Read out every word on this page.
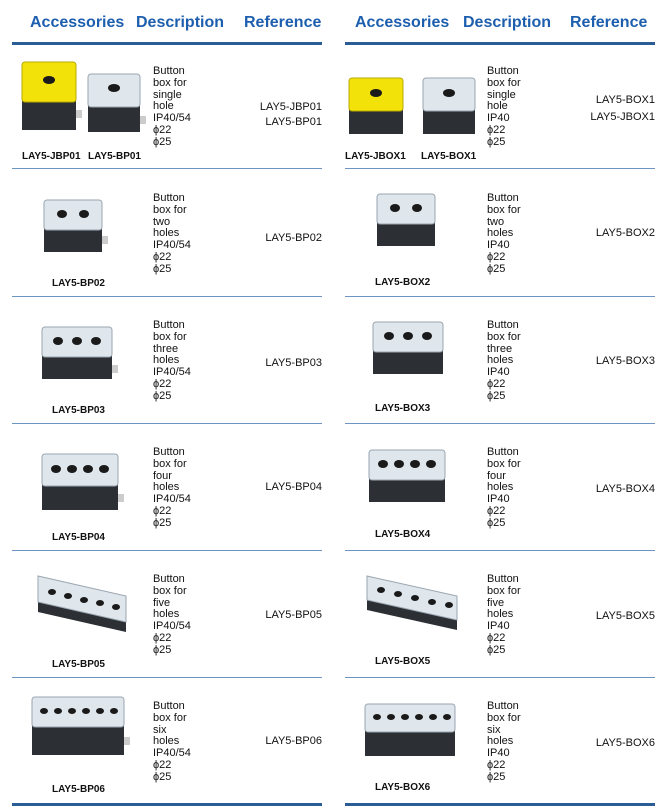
Accessories Description Reference
LAY5-JBP01 LAY5-BP01
Button
box for
single
hole
IP40/54
ϕ22
ϕ25
LAY5-JBP01
LAY5-BP01
LAY5-BP02
Button
box for
two
holes
IP40/54
ϕ22
ϕ25
LAY5-BP02
LAY5-BP03
Button
box for
three
holes
IP40/54
ϕ22
ϕ25
LAY5-BP03
LAY5-BP04
Button
box for
four
holes
IP40/54
ϕ22
ϕ25
LAY5-BP04
LAY5-BP05
Button
box for
five
holes
IP40/54
ϕ22
ϕ25
LAY5-BP05
LAY5-BP06
Button
box for
six
holes
IP40/54
ϕ22
ϕ25
LAY5-BP06
Accessories Description Reference
LAY5-JBOX1 LAY5-BOX1
Button
box for
single
hole
IP40
ϕ22
ϕ25
LAY5-BOX1
LAY5-JBOX1
LAY5-BOX2
Button
box for
two
holes
IP40
ϕ22
ϕ25
LAY5-BOX2
LAY5-BOX3
Button
box for
three
holes
IP40
ϕ22
ϕ25
LAY5-BOX3
LAY5-BOX4
Button
box for
four
holes
IP40
ϕ22
ϕ25
LAY5-BOX4
LAY5-BOX5
Button
box for
five
holes
IP40
ϕ22
ϕ25
LAY5-BOX5
LAY5-BOX6
Button
box for
six
holes
IP40
ϕ22
ϕ25
LAY5-BOX6
